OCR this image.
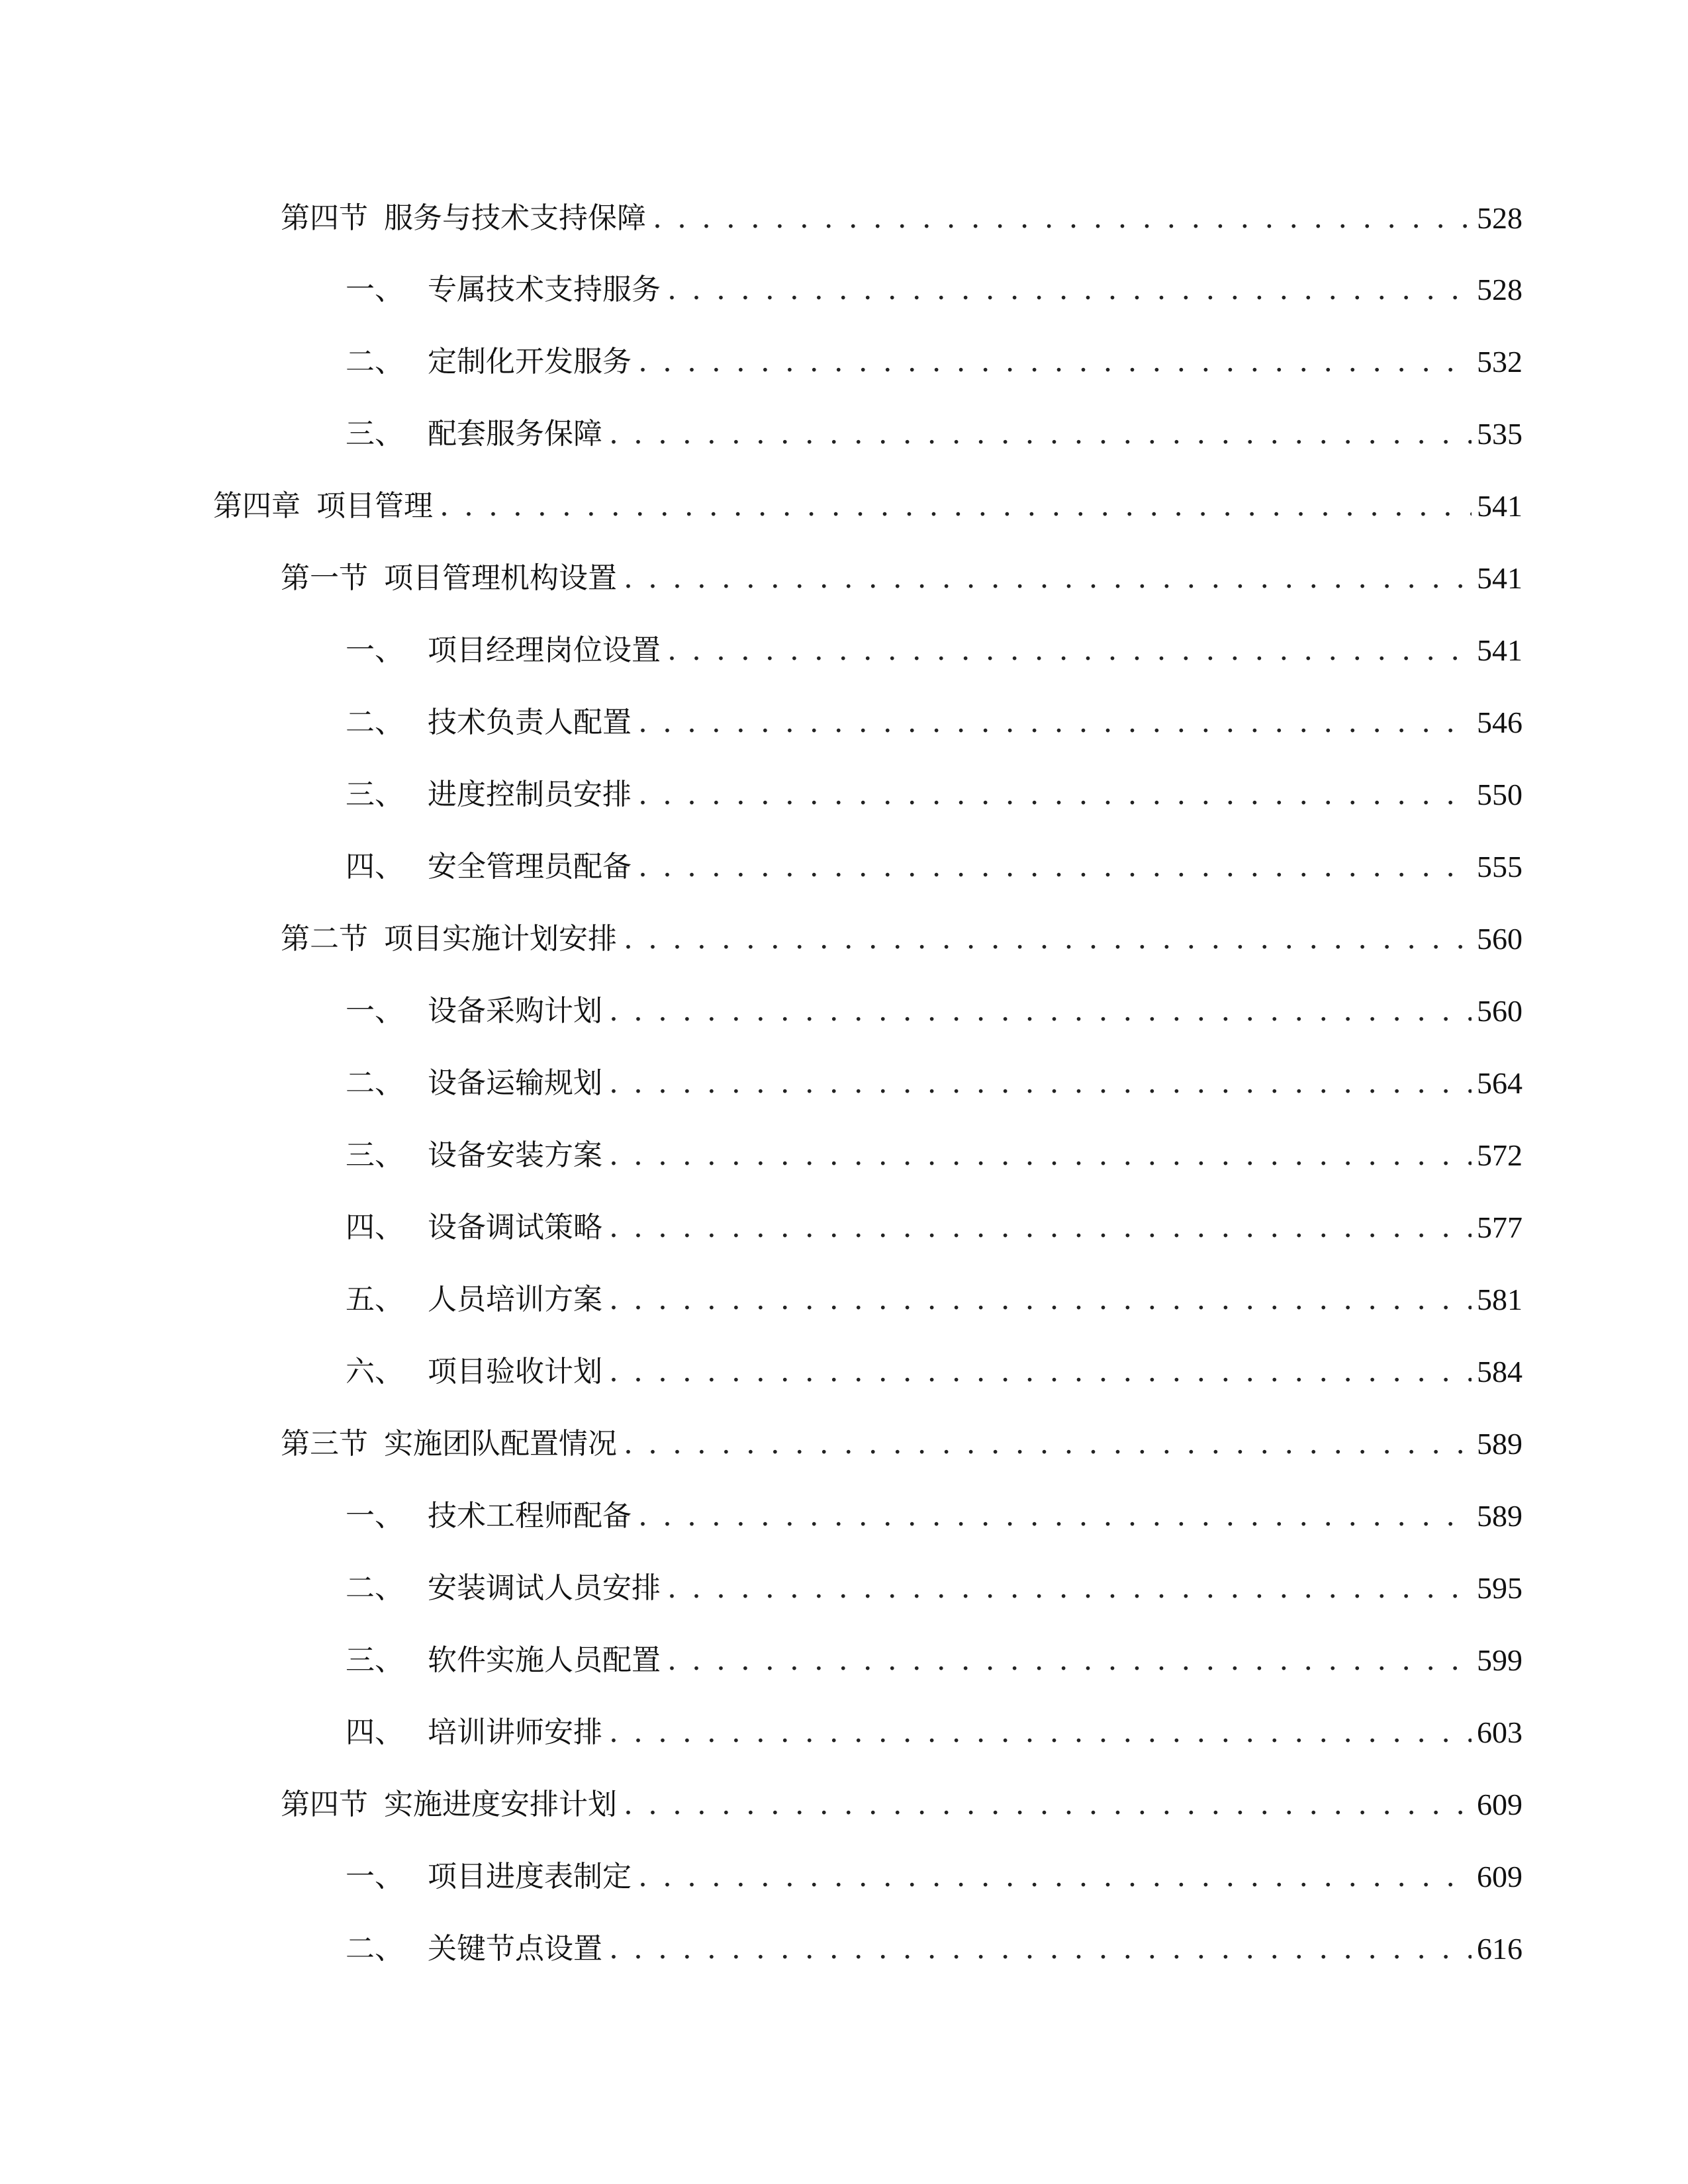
第四节 服务与技术支持保障 . . .	528
一、 专属技术支持服务 . . .	528
二、 定制化开发服务 . . .	532
三、 配套服务保障 . . .	535
第四章 项目管理 . . .	541
第一节 项目管理机构设置 . . .	541
一、 项目经理岗位设置 . . .	541
二、 技术负责人配置 . . .	546
三、 进度控制员安排 . . .	550
四、 安全管理员配备 . . .	555
第二节 项目实施计划安排 . . .	560
一、 设备采购计划 . . .	560
二、 设备运输规划 . . .	564
三、 设备安装方案 . . .	572
四、 设备调试策略 . . .	577
五、 人员培训方案 . . .	581
六、 项目验收计划 . . .	584
第三节 实施团队配置情况 . . .	589
一、 技术工程师配备 . . .	589
二、 安装调试人员安排 . . .	595
三、 软件实施人员配置 . . .	599
四、 培训讲师安排 . . .	603
第四节 实施进度安排计划 . . .	609
一、 项目进度表制定 . . .	609
二、 关键节点设置 . . .	616
